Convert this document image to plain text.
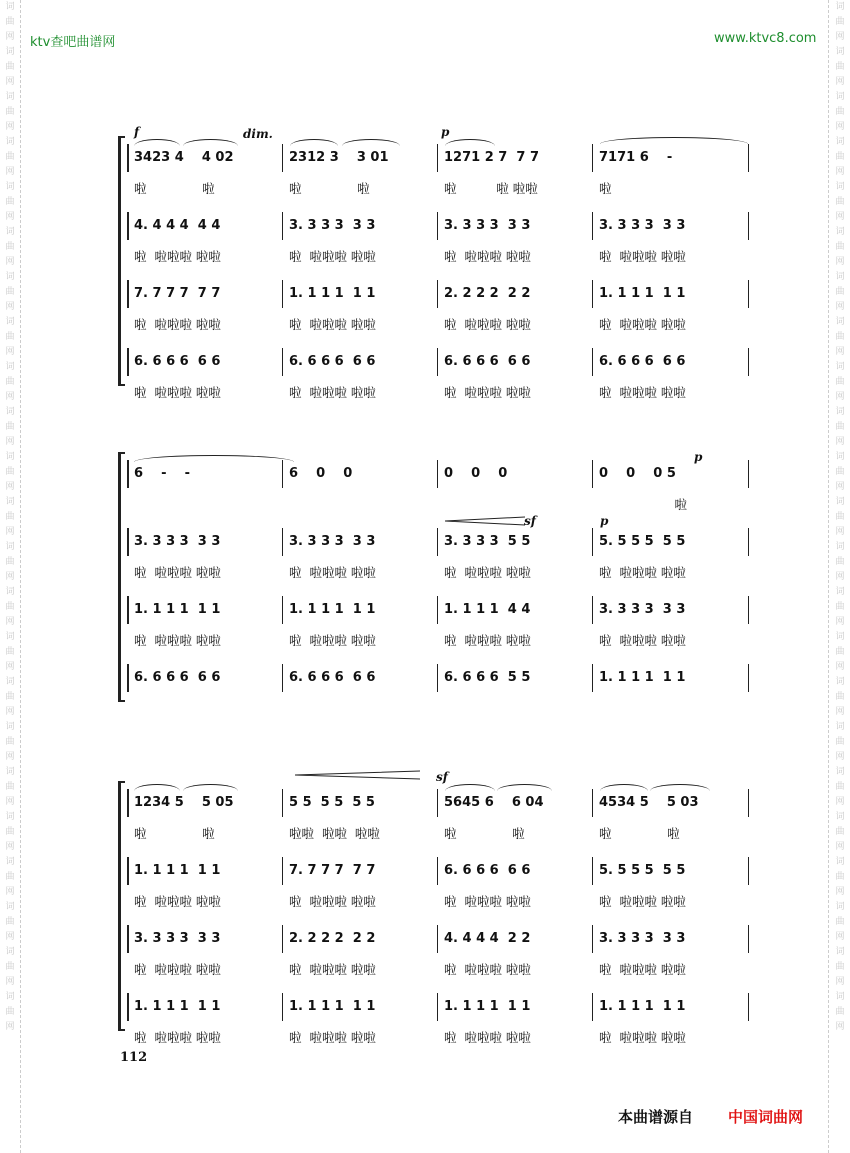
词曲网词曲网词曲网词曲网词曲网词曲网词曲网词曲网词曲网词曲网词曲网词曲网词曲网词曲网词曲网词曲网词曲网词曲网词曲网词曲网词曲网词曲网词曲网
词曲网词曲网词曲网词曲网词曲网词曲网词曲网词曲网词曲网词曲网词曲网词曲网词曲网词曲网词曲网词曲网词曲网词曲网词曲网词曲网词曲网词曲网词曲网
ktv查吧曲谱网	www.ktvc8.com
3423 4    4 02	2312 3    3 01	1271 2 7  7 7	7171 6    -
啦              啦	啦              啦	啦          啦 啦啦	啦
4. 4 4 4  4 4	3. 3 3 3  3 3	3. 3 3 3  3 3	3. 3 3 3  3 3
啦  啦啦啦 啦啦	啦  啦啦啦 啦啦	啦  啦啦啦 啦啦	啦  啦啦啦 啦啦
7. 7 7 7  7 7	1. 1 1 1  1 1	2. 2 2 2  2 2	1. 1 1 1  1 1
啦  啦啦啦 啦啦	啦  啦啦啦 啦啦	啦  啦啦啦 啦啦	啦  啦啦啦 啦啦
6. 6 6 6  6 6	6. 6 6 6  6 6	6. 6 6 6  6 6	6. 6 6 6  6 6
啦  啦啦啦 啦啦	啦  啦啦啦 啦啦	啦  啦啦啦 啦啦	啦  啦啦啦 啦啦
6    -    -	6    0    0	0    0    0	0    0    0 5
啦
3. 3 3 3  3 3	3. 3 3 3  3 3	3. 3 3 3  5 5	5. 5 5 5  5 5
啦  啦啦啦 啦啦	啦  啦啦啦 啦啦	啦  啦啦啦 啦啦	啦  啦啦啦 啦啦
1. 1 1 1  1 1	1. 1 1 1  1 1	1. 1 1 1  4 4	3. 3 3 3  3 3
啦  啦啦啦 啦啦	啦  啦啦啦 啦啦	啦  啦啦啦 啦啦	啦  啦啦啦 啦啦
6. 6 6 6  6 6	6. 6 6 6  6 6	6. 6 6 6  5 5	1. 1 1 1  1 1
1234 5    5 05	5 5  5 5  5 5	5645 6    6 04	4534 5    5 03
啦              啦	啦啦  啦啦  啦啦	啦              啦	啦              啦
1. 1 1 1  1 1	7. 7 7 7  7 7	6. 6 6 6  6 6	5. 5 5 5  5 5
啦  啦啦啦 啦啦	啦  啦啦啦 啦啦	啦  啦啦啦 啦啦	啦  啦啦啦 啦啦
3. 3 3 3  3 3	2. 2 2 2  2 2	4. 4 4 4  2 2	3. 3 3 3  3 3
啦  啦啦啦 啦啦	啦  啦啦啦 啦啦	啦  啦啦啦 啦啦	啦  啦啦啦 啦啦
1. 1 1 1  1 1	1. 1 1 1  1 1	1. 1 1 1  1 1	1. 1 1 1  1 1
啦  啦啦啦 啦啦	啦  啦啦啦 啦啦	啦  啦啦啦 啦啦	啦  啦啦啦 啦啦
f	dim.	p
p
sf	p
sf
112
本曲谱源自 中国词曲网
